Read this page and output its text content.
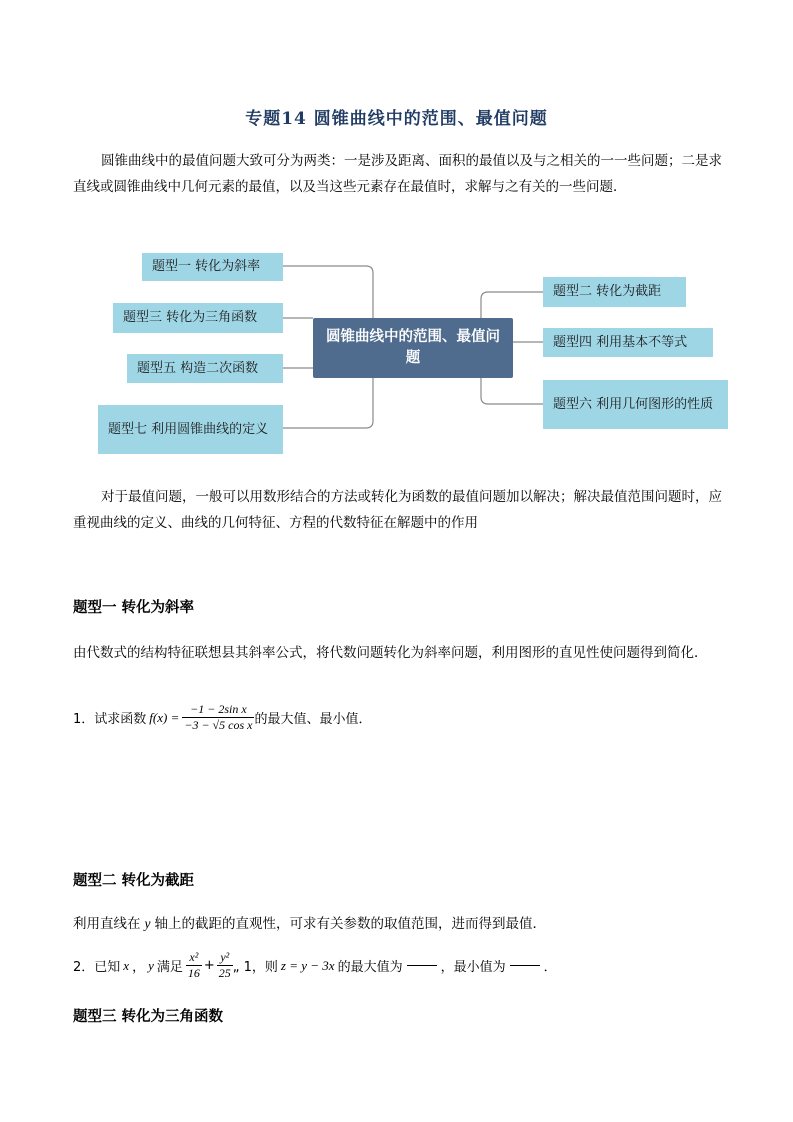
专题14 圆锥曲线中的范围、最值问题
圆锥曲线中的最值问题大致可分为两类：一是涉及距离、面积的最值以及与之相关的一一些问题；二是求直线或圆锥曲线中几何元素的最值，以及当这些元素存在最值时，求解与之有关的一些问题．
题型一 转化为斜率
题型三 转化为三角函数
题型五 构造二次函数
题型七 利用圆锥曲线的定义
圆锥曲线中的范围、最值问题
题型二 转化为截距
题型四 利用基本不等式
题型六 利用几何图形的性质
对于最值问题，一般可以用数形结合的方法或转化为函数的最值问题加以解决；解决最值范围问题时，应重视曲线的定义、曲线的几何特征、方程的代数特征在解题中的作用
题型一 转化为斜率
由代数式的结构特征联想县其斜率公式，将代数问题转化为斜率问题，利用图形的直见性使问题得到简化．
1．试求函数 $f(x) = \frac{\text{−1 − 2sin x}}{\text{−3 − √5 cos x}}$ 的最大值、最小值．
题型二 转化为截距
利用直线在 y 轴上的截距的直观性，可求有关参数的取值范围，进而得到最值．
2．已知 x ， y 满足 $\frac{\text{x²}}{16} + \frac{\text{y²}}{25}$ „ 1，则 z = y − 3x 的最大值为	，最小值为	．
题型三 转化为三角函数
